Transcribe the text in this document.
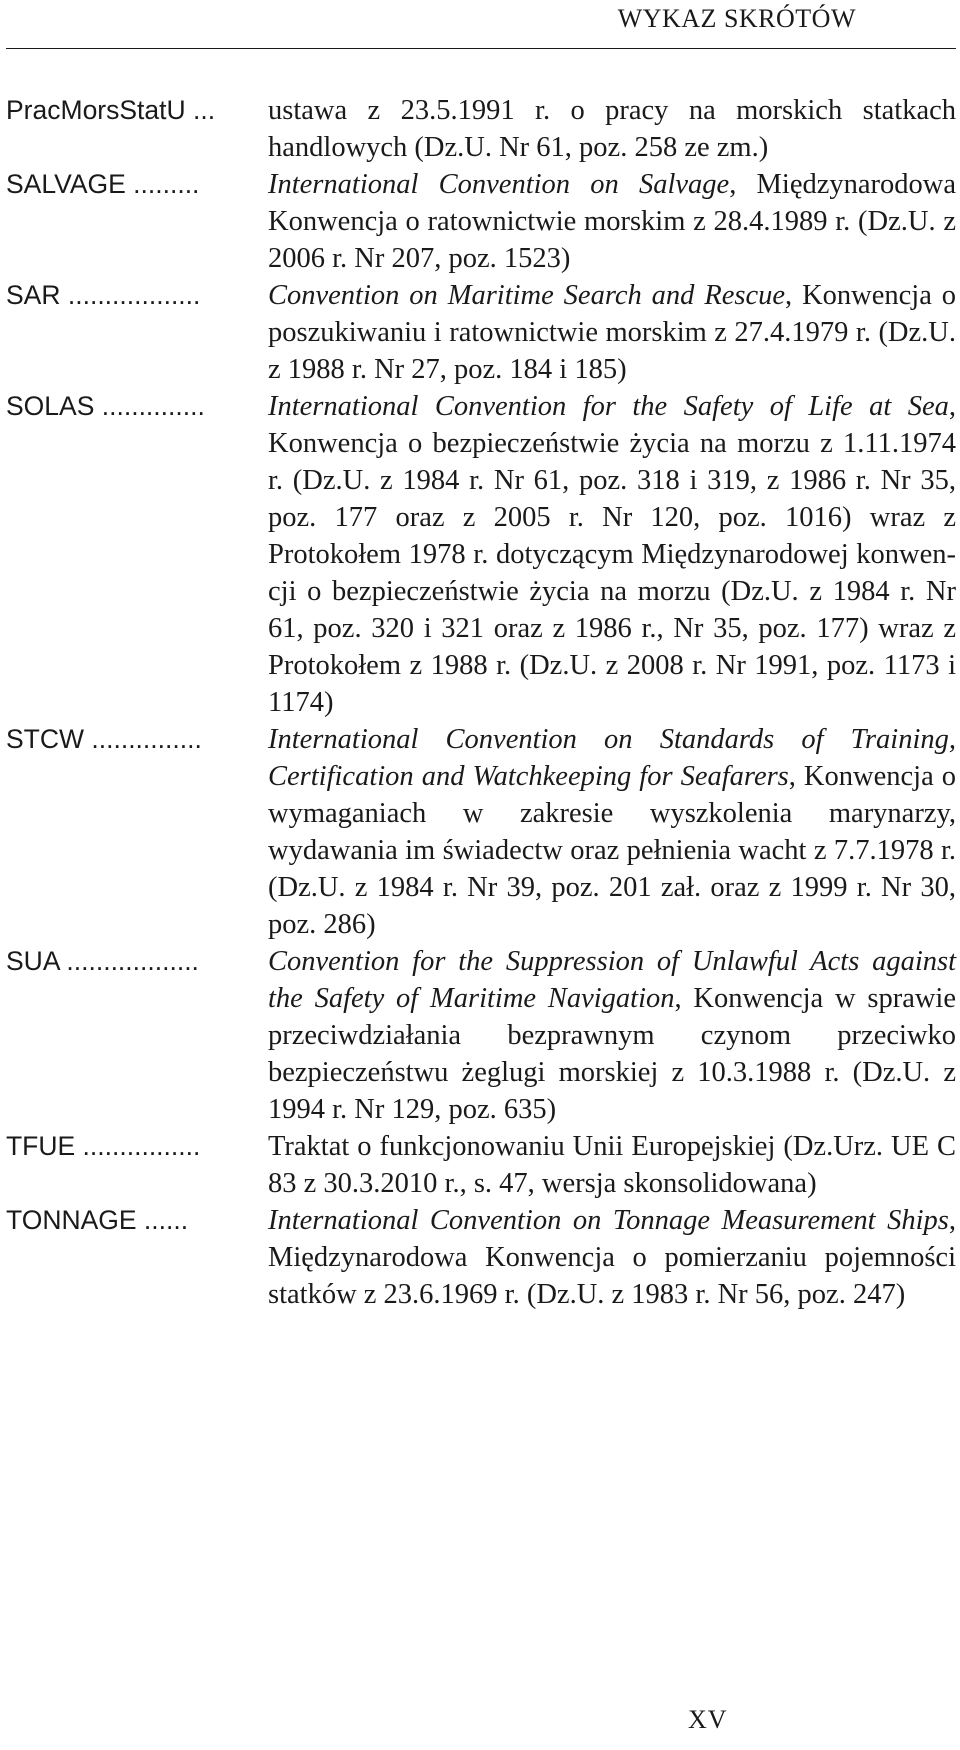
WYKAZ SKRÓTÓW
PracMorsStatU ...	ustawa z 23.5.1991 r. o pracy na morskich statkach handlowych (Dz.U. Nr 61, poz. 258 ze zm.)
SALVAGE .........	International Convention on Salvage, Międzynarodowa Konwencja o ratownictwie morskim z 28.4.1989 r. (Dz.U. z 2006 r. Nr 207, poz. 1523)
SAR ..................	Convention on Maritime Search and Rescue, Konwencja o poszukiwaniu i ratownictwie morskim z 27.4.1979 r. (Dz.U. z 1988 r. Nr 27, poz. 184 i 185)
SOLAS ..............	International Convention for the Safety of Life at Sea, Konwencja o bezpieczeństwie życia na morzu z 1.11.1974 r. (Dz.U. z 1984 r. Nr 61, poz. 318 i 319, z 1986 r. Nr 35, poz. 177 oraz z 2005 r. Nr 120, poz. 1016) wraz z Protokołem 1978 r. dotyczącym Międzynarodowej konwencji o bezpieczeństwie życia na morzu (Dz.U. z 1984 r. Nr 61, poz. 320 i 321 oraz z 1986 r., Nr 35, poz. 177) wraz z Protokołem z 1988 r. (Dz.U. z 2008 r. Nr 1991, poz. 1173 i 1174)
STCW ...............	International Convention on Standards of Training, Certification and Watchkeeping for Seafarers, Konwencja o wymaganiach w zakresie wyszkolenia marynarzy, wydawania im świadectw oraz pełnienia wacht z 7.7.1978 r. (Dz.U. z 1984 r. Nr 39, poz. 201 zał. oraz z 1999 r. Nr 30, poz. 286)
SUA ..................	Convention for the Suppression of Unlawful Acts against the Safety of Maritime Navigation, Konwencja w sprawie przeciwdziałania bezprawnym czynom przeciwko bezpieczeństwu żeglugi morskiej z 10.3.1988 r. (Dz.U. z 1994 r. Nr 129, poz. 635)
TFUE ................	Traktat o funkcjonowaniu Unii Europejskiej (Dz.Urz. UE C 83 z 30.3.2010 r., s. 47, wersja skonsolidowana)
TONNAGE ......	International Convention on Tonnage Measurement Ships, Międzynarodowa Konwencja o pomierzaniu pojemności statków z 23.6.1969 r. (Dz.U. z 1983 r. Nr 56, poz. 247)
XV
